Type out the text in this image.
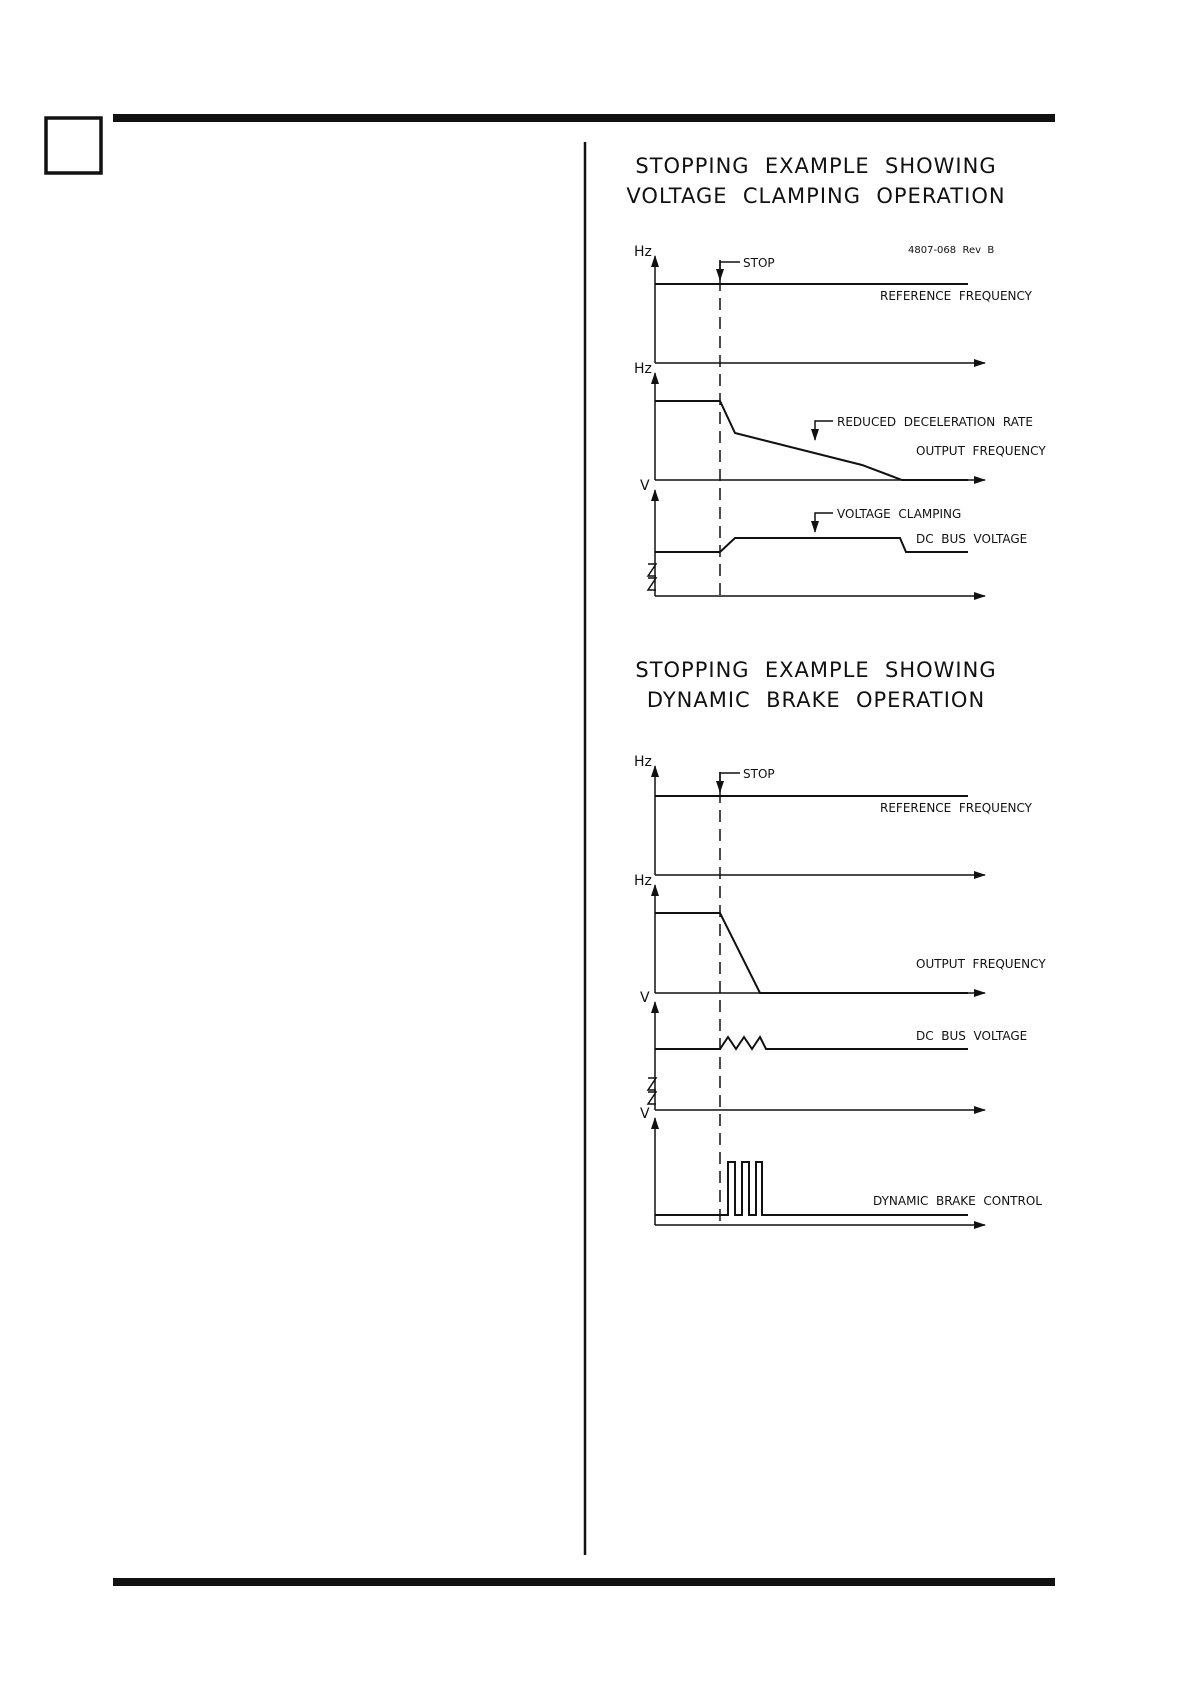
STOPPING  EXAMPLE  SHOWING
VOLTAGE  CLAMPING  OPERATION
4807-068  Rev  B
Hz
REFERENCE  FREQUENCY
STOP
Hz
REDUCED  DECELERATION  RATE
OUTPUT  FREQUENCY
V
VOLTAGE  CLAMPING
DC  BUS  VOLTAGE
STOPPING  EXAMPLE  SHOWING
DYNAMIC  BRAKE  OPERATION
Hz
REFERENCE  FREQUENCY
STOP
Hz
OUTPUT  FREQUENCY
V
DC  BUS  VOLTAGE
V
DYNAMIC  BRAKE  CONTROL
